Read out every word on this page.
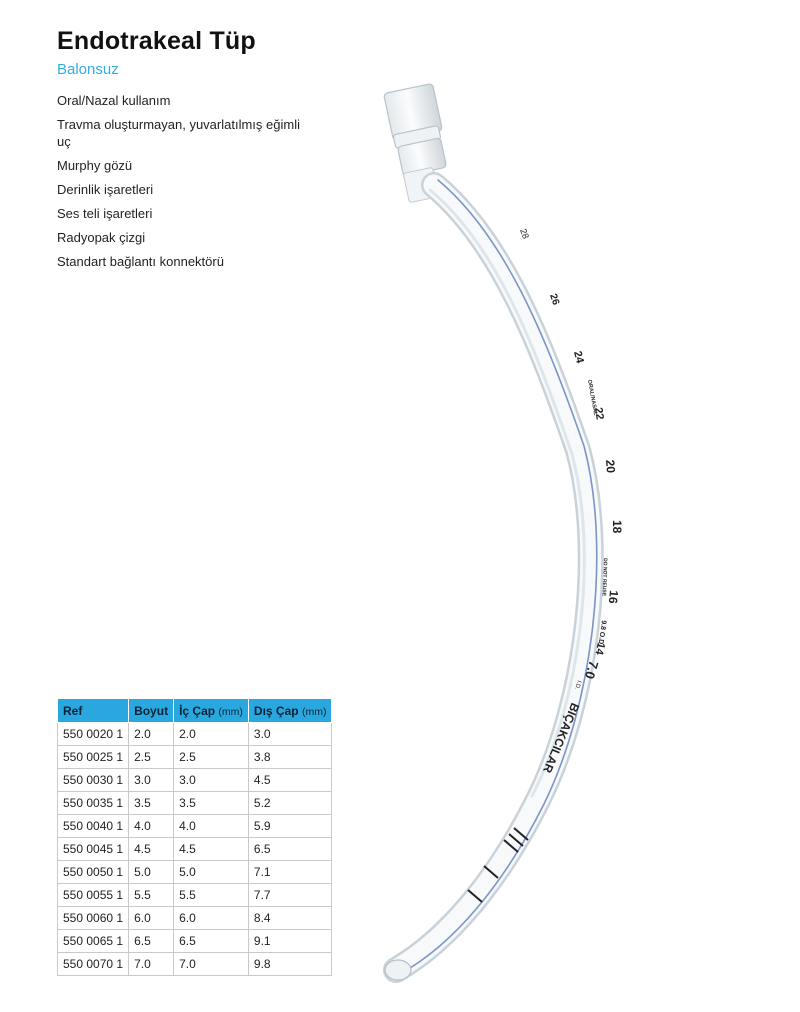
Endotrakeal Tüp
Balonsuz
Oral/Nazal kullanım
Travma oluşturmayan, yuvarlatılmış eğimli uç
Murphy gözü
Derinlik işaretleri
Ses teli işaretleri
Radyopak çizgi
Standart bağlantı konnektörü
28
26
24
ORAL/NASAL
22
20
18
DO NOT REUSE
16
9.8 O.D.
14
7.0
I.D.
BIÇAKCILAR
Ref	Boyut	İç Çap (mm)	Dış Çap (mm)
550 0020 1	2.0	2.0	3.0
550 0025 1	2.5	2.5	3.8
550 0030 1	3.0	3.0	4.5
550 0035 1	3.5	3.5	5.2
550 0040 1	4.0	4.0	5.9
550 0045 1	4.5	4.5	6.5
550 0050 1	5.0	5.0	7.1
550 0055 1	5.5	5.5	7.7
550 0060 1	6.0	6.0	8.4
550 0065 1	6.5	6.5	9.1
550 0070 1	7.0	7.0	9.8
